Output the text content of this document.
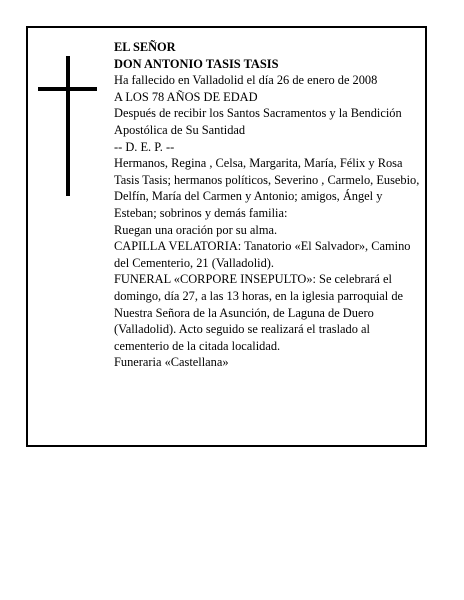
EL SEÑOR

DON ANTONIO TASIS TASIS

Ha fallecido en Valladolid el día 26 de enero de 2008

A LOS 78 AÑOS DE EDAD

Después de recibir los Santos Sacramentos y la Bendición Apostólica de Su Santidad

-- D. E. P. --

Hermanos, Regina , Celsa, Margarita, María, Félix y Rosa Tasis Tasis; hermanos políticos, Severino , Carmelo, Eusebio, Delfín, María del Carmen y Antonio; amigos, Ángel y Esteban; sobrinos y demás familia:

Ruegan una oración por su alma.

CAPILLA VELATORIA: Tanatorio «El Salvador», Camino del Cementerio, 21 (Valladolid).

FUNERAL «CORPORE INSEPULTO»: Se celebrará el domingo, día 27, a las 13 horas, en la iglesia parroquial de Nuestra Señora de la Asunción, de Laguna de Duero (Valladolid). Acto seguido se realizará el traslado al cementerio de la citada localidad.

Funeraria «Castellana»
